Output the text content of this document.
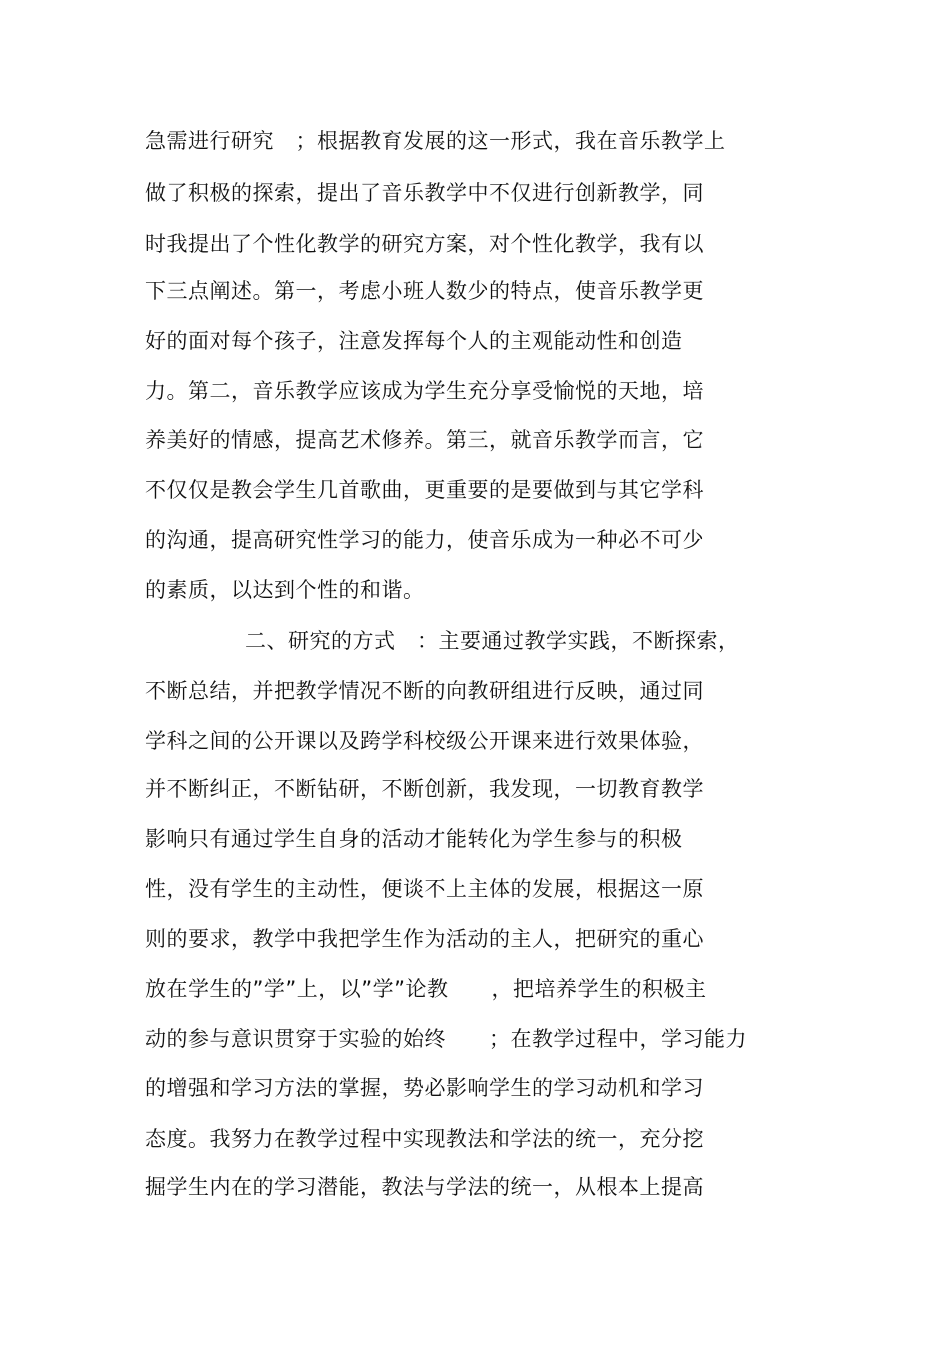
急需进行研究　；根据教育发展的这一形式，我在音乐教学上
做了积极的探索，提出了音乐教学中不仅进行创新教学，同
时我提出了个性化教学的研究方案，对个性化教学，我有以
下三点阐述。第一，考虑小班人数少的特点，使音乐教学更
好的面对每个孩子，注意发挥每个人的主观能动性和创造
力。第二，音乐教学应该成为学生充分享受愉悦的天地，培
养美好的情感，提高艺术修养。第三，就音乐教学而言，它
不仅仅是教会学生几首歌曲，更重要的是要做到与其它学科
的沟通，提高研究性学习的能力，使音乐成为一种必不可少
的素质，以达到个性的和谐。
二、研究的方式　：主要通过教学实践，不断探索，
不断总结，并把教学情况不断的向教研组进行反映，通过同
学科之间的公开课以及跨学科校级公开课来进行效果体验，
并不断纠正，不断钻研，不断创新，我发现，一切教育教学
影响只有通过学生自身的活动才能转化为学生参与的积极
性，没有学生的主动性，便谈不上主体的发展，根据这一原
则的要求，教学中我把学生作为活动的主人，把研究的重心
放在学生的”学”上，以”学”论教　　，把培养学生的积极主
动的参与意识贯穿于实验的始终　　；在教学过程中，学习能力
的增强和学习方法的掌握，势必影响学生的学习动机和学习
态度。我努力在教学过程中实现教法和学法的统一，充分挖
掘学生内在的学习潜能，教法与学法的统一，从根本上提高
